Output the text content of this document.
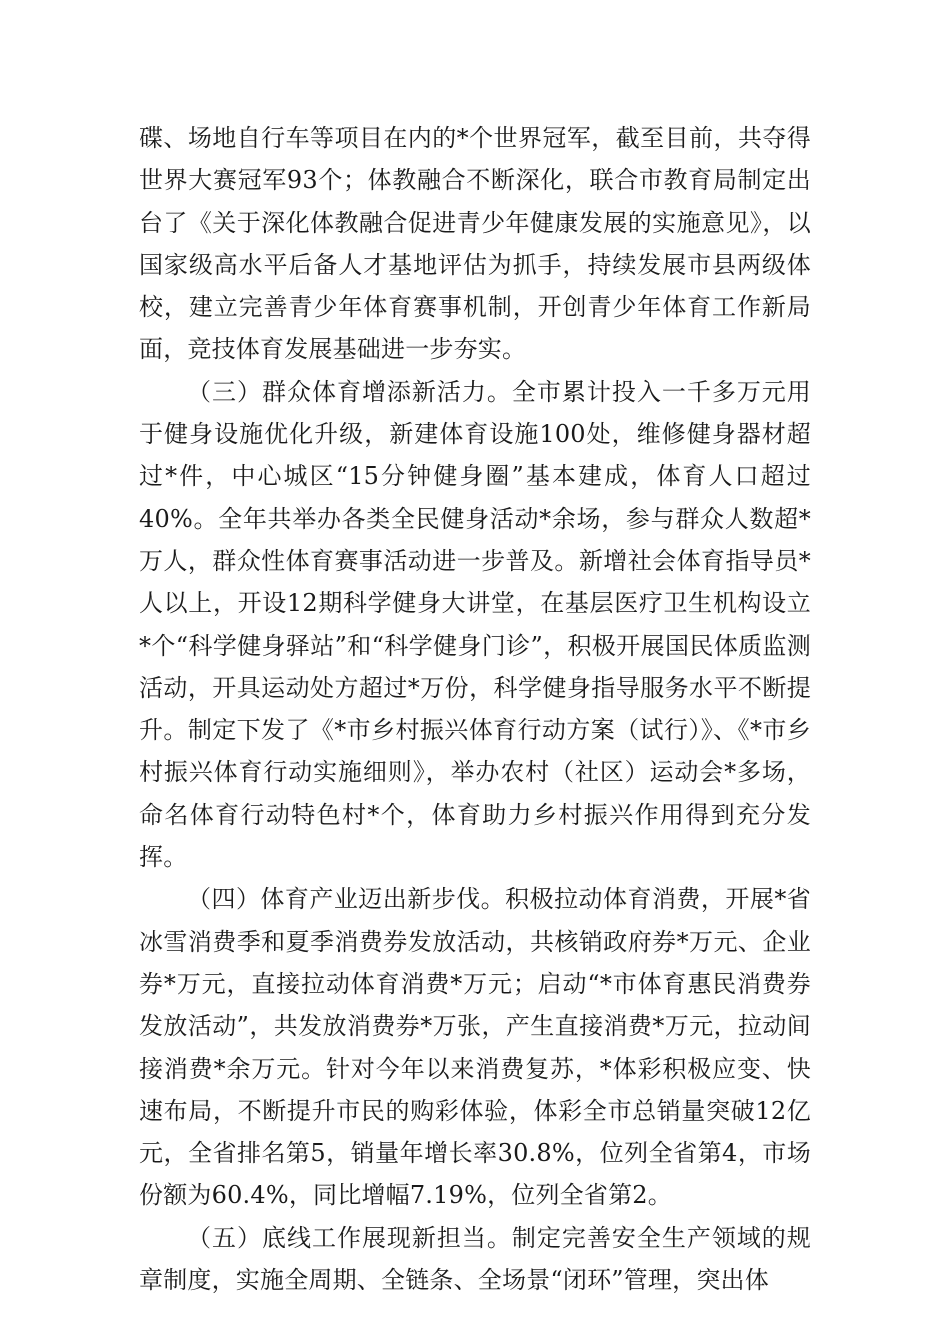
碟、场地自行车等项目在内的*个世界冠军，截至目前，共夺得世界大赛冠军93个；体教融合不断深化，联合市教育局制定出台了《关于深化体教融合促进青少年健康发展的实施意见》，以国家级高水平后备人才基地评估为抓手，持续发展市县两级体校，建立完善青少年体育赛事机制，开创青少年体育工作新局面，竞技体育发展基础进一步夯实。

（三）群众体育增添新活力。全市累计投入一千多万元用于健身设施优化升级，新建体育设施100处，维修健身器材超过*件，中心城区“15分钟健身圈”基本建成，体育人口超过40%。全年共举办各类全民健身活动*余场，参与群众人数超*万人，群众性体育赛事活动进一步普及。新增社会体育指导员*人以上，开设12期科学健身大讲堂，在基层医疗卫生机构设立*个“科学健身驿站”和“科学健身门诊”，积极开展国民体质监测活动，开具运动处方超过*万份，科学健身指导服务水平不断提升。制定下发了《*市乡村振兴体育行动方案（试行）》、《*市乡村振兴体育行动实施细则》，举办农村（社区）运动会*多场，命名体育行动特色村*个，体育助力乡村振兴作用得到充分发挥。

（四）体育产业迈出新步伐。积极拉动体育消费，开展*省冰雪消费季和夏季消费券发放活动，共核销政府券*万元、企业券*万元，直接拉动体育消费*万元；启动“*市体育惠民消费券发放活动”，共发放消费券*万张，产生直接消费*万元，拉动间接消费*余万元。针对今年以来消费复苏，*体彩积极应变、快速布局，不断提升市民的购彩体验，体彩全市总销量突破12亿元，全省排名第5，销量年增长率30.8%，位列全省第4，市场份额为60.4%，同比增幅7.19%，位列全省第2。

（五）底线工作展现新担当。制定完善安全生产领域的规章制度，实施全周期、全链条、全场景“闭环”管理，突出体
